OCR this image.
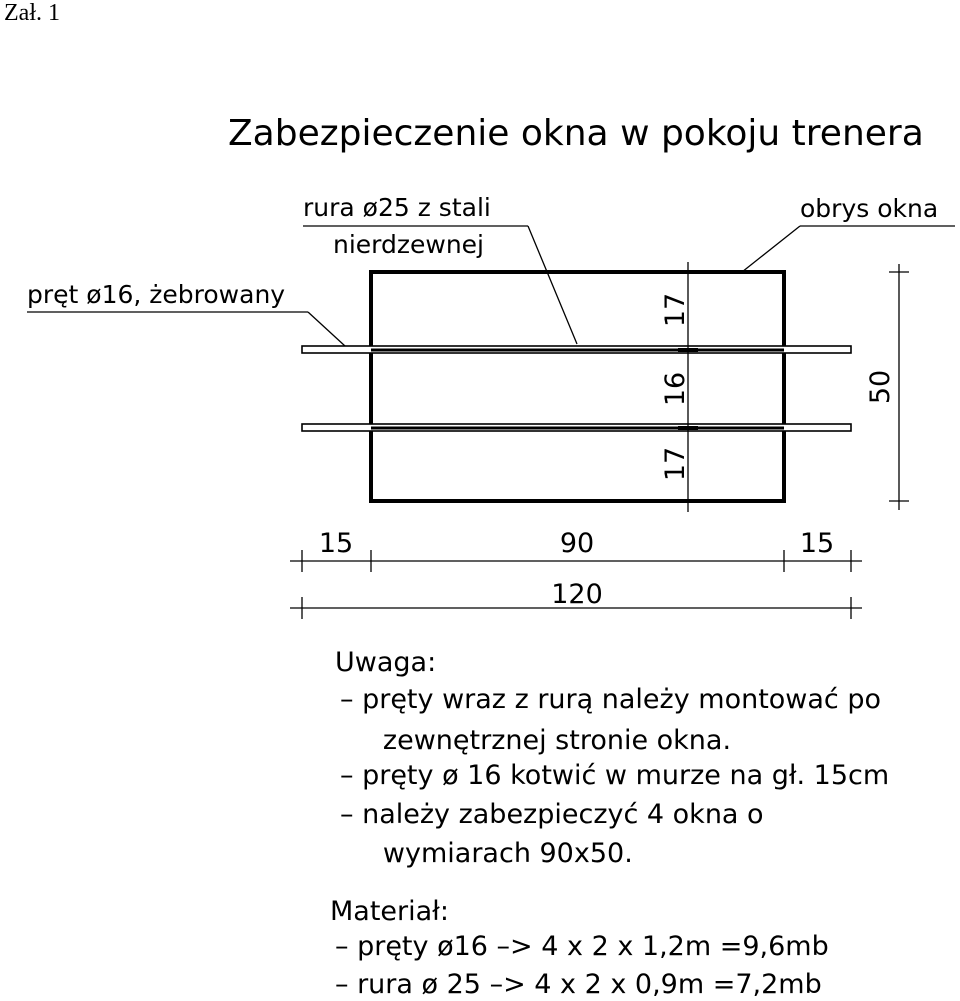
Zał. 1
Zabezpieczenie okna w pokoju trenera
rura ø25 z stali
nierdzewnej
obrys okna
pręt ø16, żebrowany	17
16
17
50
15	90	15
120
Uwaga:
– pręty wraz z rurą należy montować po
zewnętrznej stronie okna.
– pręty ø 16 kotwić w murze na gł. 15cm
– należy zabezpieczyć 4 okna o
wymiarach 90x50.
Materiał:
– pręty ø16 –> 4 x 2 x 1,2m =9,6mb
– rura ø 25 –> 4 x 2 x 0,9m =7,2mb
